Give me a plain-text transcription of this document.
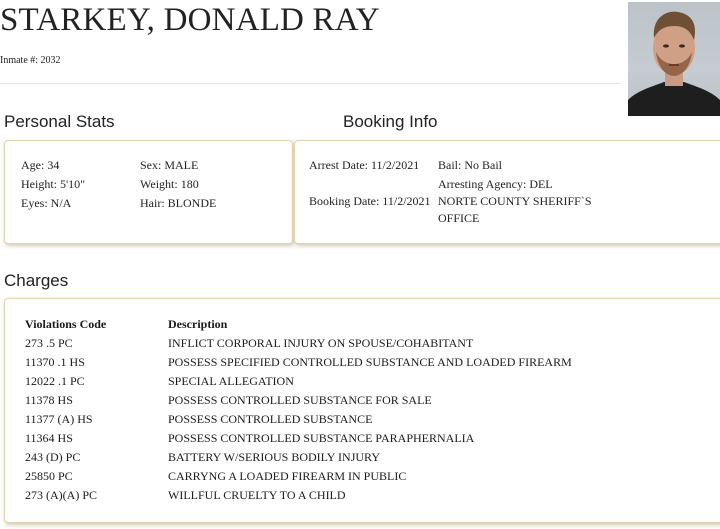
STARKEY, DONALD RAY
Inmate #: 2032
Personal Stats	Booking Info
Age: 34
Height: 5'10"
Eyes: N/A
Sex: MALE
Weight: 180
Hair: BLONDE
Arrest Date: 11/2/2021
Booking Date: 11/2/2021
Bail: No Bail
Arresting Agency: DEL
NORTE COUNTY SHERIFF`S
OFFICE
Charges
Violations Code	Description
273 .5 PC	INFLICT CORPORAL INJURY ON SPOUSE/COHABITANT
11370 .1 HS	POSSESS SPECIFIED CONTROLLED SUBSTANCE AND LOADED FIREARM
12022 .1 PC	SPECIAL ALLEGATION
11378 HS	POSSESS CONTROLLED SUBSTANCE FOR SALE
11377 (A) HS	POSSESS CONTROLLED SUBSTANCE
11364 HS	POSSESS CONTROLLED SUBSTANCE PARAPHERNALIA
243 (D) PC	BATTERY W/SERIOUS BODILY INJURY
25850 PC	CARRYNG A LOADED FIREARM IN PUBLIC
273 (A)(A) PC	WILLFUL CRUELTY TO A CHILD
